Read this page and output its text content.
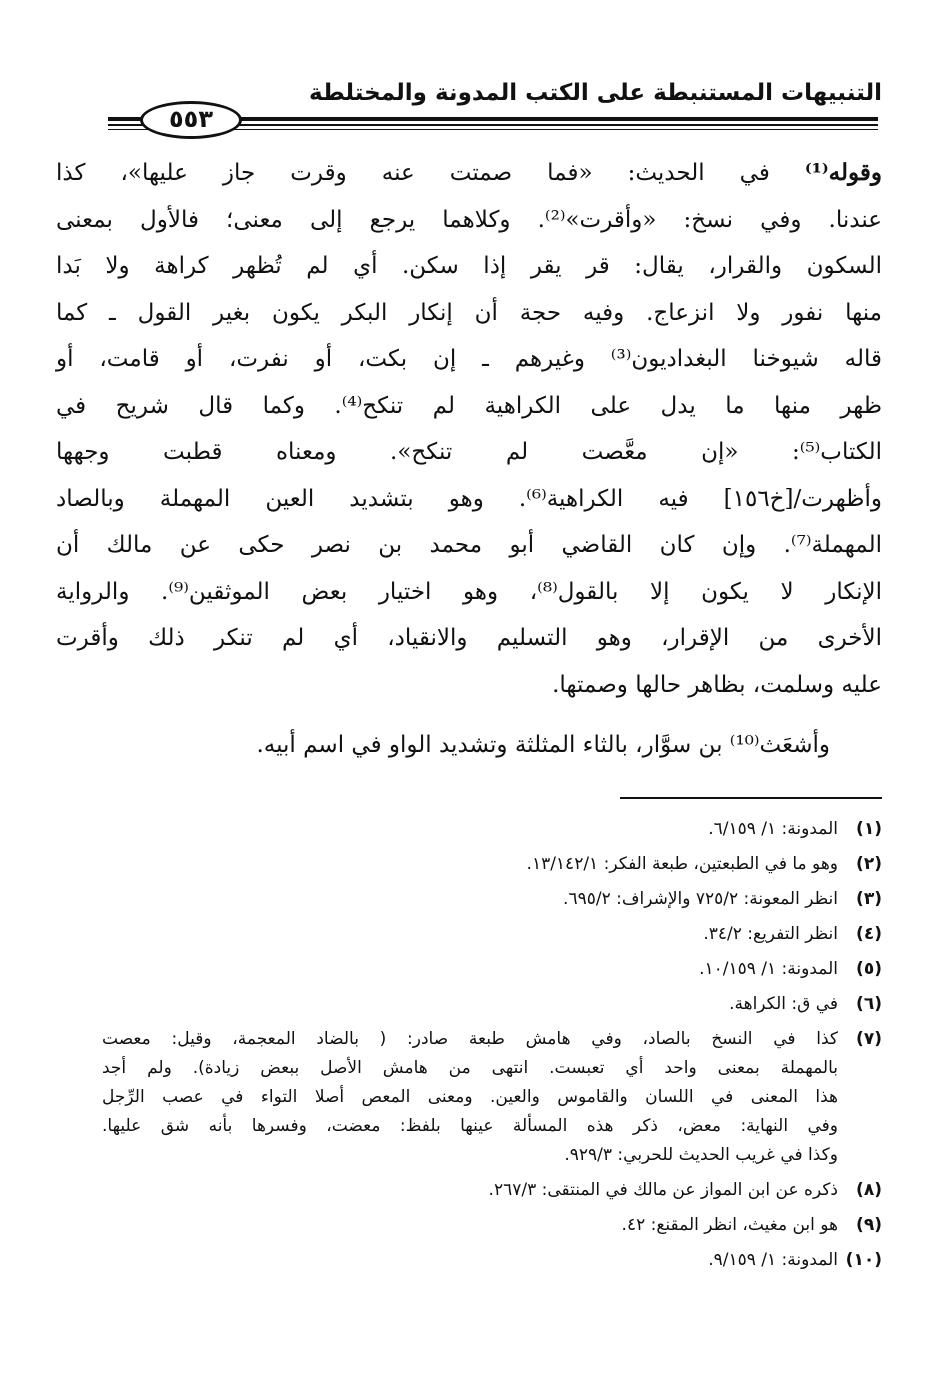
التنبيهات المستنبطة على الكتب المدونة والمختلطة
٥٥٣
وقوله⁽¹⁾ في الحديث: «فما صمتت عنه وقرت جاز عليها»، كذا
عندنا. وفي نسخ: «وأقرت»⁽²⁾. وكلاهما يرجع إلى معنى؛ فالأول بمعنى
السكون والقرار، يقال: قر يقر إذا سكن. أي لم تُظهر كراهة ولا بَدا
منها نفور ولا انزعاج. وفيه حجة أن إنكار البكر يكون بغير القول ـ كما
قاله شيوخنا البغداديون⁽³⁾ وغيرهم ـ إن بكت، أو نفرت، أو قامت، أو
ظهر منها ما يدل على الكراهية لم تنكح⁽⁴⁾. وكما قال شريح في
الكتاب⁽⁵⁾: «إن معَّصت لم تنكح». ومعناه قطبت وجهها
وأظهرت/[خ١٥٦] فيه الكراهية⁽⁶⁾. وهو بتشديد العين المهملة وبالصاد
المهملة⁽⁷⁾. وإن كان القاضي أبو محمد بن نصر حكى عن مالك أن
الإنكار لا يكون إلا بالقول⁽⁸⁾، وهو اختيار بعض الموثقين⁽⁹⁾. والرواية
الأخرى من الإقرار، وهو التسليم والانقياد، أي لم تنكر ذلك وأقرت
عليه وسلمت، بظاهر حالها وصمتها.
وأشعَث⁽¹⁰⁾ بن سوَّار، بالثاء المثلثة وتشديد الواو في اسم أبيه.
(١)
المدونة: ١/ ٦/١٥٩.
(٢)
وهو ما في الطبعتين، طبعة الفكر: ١٣/١٤٢/١.
(٣)
انظر المعونة: ٧٢٥/٢ والإشراف: ٦٩٥/٢.
(٤)
انظر التفريع: ٣٤/٢.
(٥)
المدونة: ١/ ١٠/١٥٩.
(٦)
في ق: الكراهة.
(٧)
كذا في النسخ بالصاد، وفي هامش طبعة صادر: ( بالضاد المعجمة، وقيل: معصت
بالمهملة بمعنى واحد أي تعبست. انتهى من هامش الأصل ببعض زيادة). ولم أجد
هذا المعنى في اللسان والقاموس والعين. ومعنى المعص أصلا التواء في عصب الرِّجل
وفي النهاية: معض، ذكر هذه المسألة عينها بلفظ: معضت، وفسرها بأنه شق عليها.
وكذا في غريب الحديث للحربي: ٩٢٩/٣.
(٨)
ذكره عن ابن المواز عن مالك في المنتقى: ٢٦٧/٣.
(٩)
هو ابن مغيث، انظر المقنع: ٤٢.
(١٠)
المدونة: ١/ ٩/١٥٩.
